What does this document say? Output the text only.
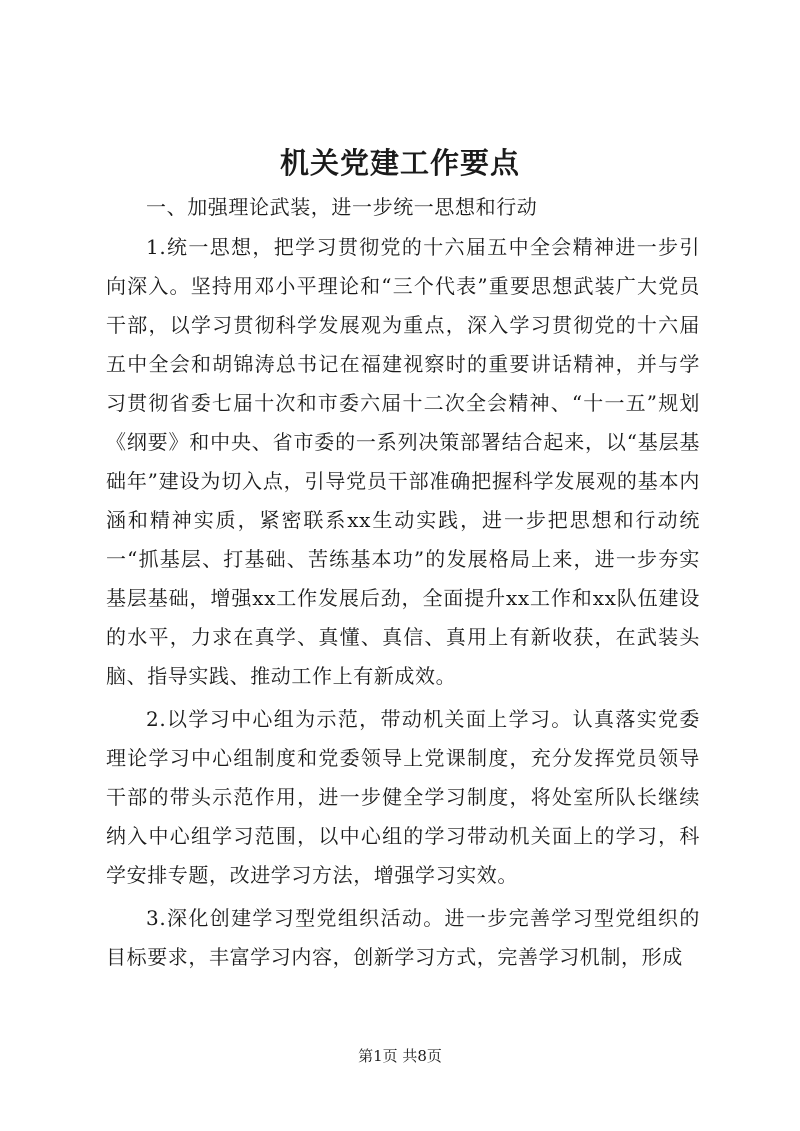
机关党建工作要点

一、加强理论武装，进一步统一思想和行动

1.统一思想，把学习贯彻党的十六届五中全会精神进一步引向深入。坚持用邓小平理论和“三个代表”重要思想武装广大党员干部，以学习贯彻科学发展观为重点，深入学习贯彻党的十六届五中全会和胡锦涛总书记在福建视察时的重要讲话精神，并与学习贯彻省委七届十次和市委六届十二次全会精神、“十一五”规划《纲要》和中央、省市委的一系列决策部署结合起来，以“基层基础年”建设为切入点，引导党员干部准确把握科学发展观的基本内涵和精神实质，紧密联系xx生动实践，进一步把思想和行动统一“抓基层、打基础、苦练基本功”的发展格局上来，进一步夯实基层基础，增强xx工作发展后劲，全面提升xx工作和xx队伍建设的水平，力求在真学、真懂、真信、真用上有新收获，在武装头脑、指导实践、推动工作上有新成效。

2.以学习中心组为示范，带动机关面上学习。认真落实党委理论学习中心组制度和党委领导上党课制度，充分发挥党员领导干部的带头示范作用，进一步健全学习制度，将处室所队长继续纳入中心组学习范围，以中心组的学习带动机关面上的学习，科学安排专题，改进学习方法，增强学习实效。

3.深化创建学习型党组织活动。进一步完善学习型党组织的目标要求，丰富学习内容，创新学习方式，完善学习机制，形成

第1页 共8页
